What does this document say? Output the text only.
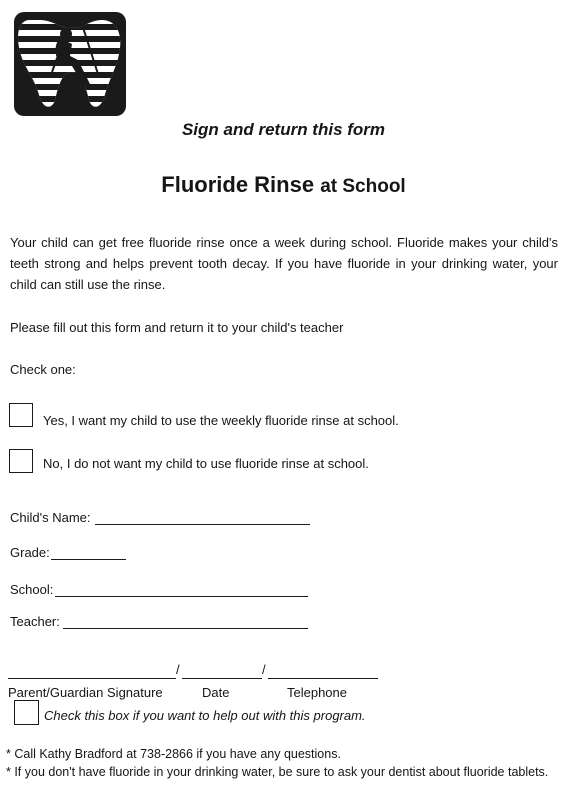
Sign and return this form
Fluoride Rinse at School
Your child can get free fluoride rinse once a week during school. Fluoride makes your child's teeth strong and helps prevent tooth decay. If you have fluoride in your drinking water, your child can still use the rinse.
Please fill out this form and return it to your child's teacher
Check one:
Yes, I want my child to use the weekly fluoride rinse at school.
No, I do not want my child to use fluoride rinse at school.
Child's Name:
Grade:
School:
Teacher:
/	/
Parent/Guardian Signature	Date	Telephone
Check this box if you want to help out with this program.
* Call Kathy Bradford at 738-2866 if you have any questions.
* If you don't have fluoride in your drinking water, be sure to ask your dentist about fluoride tablets.
